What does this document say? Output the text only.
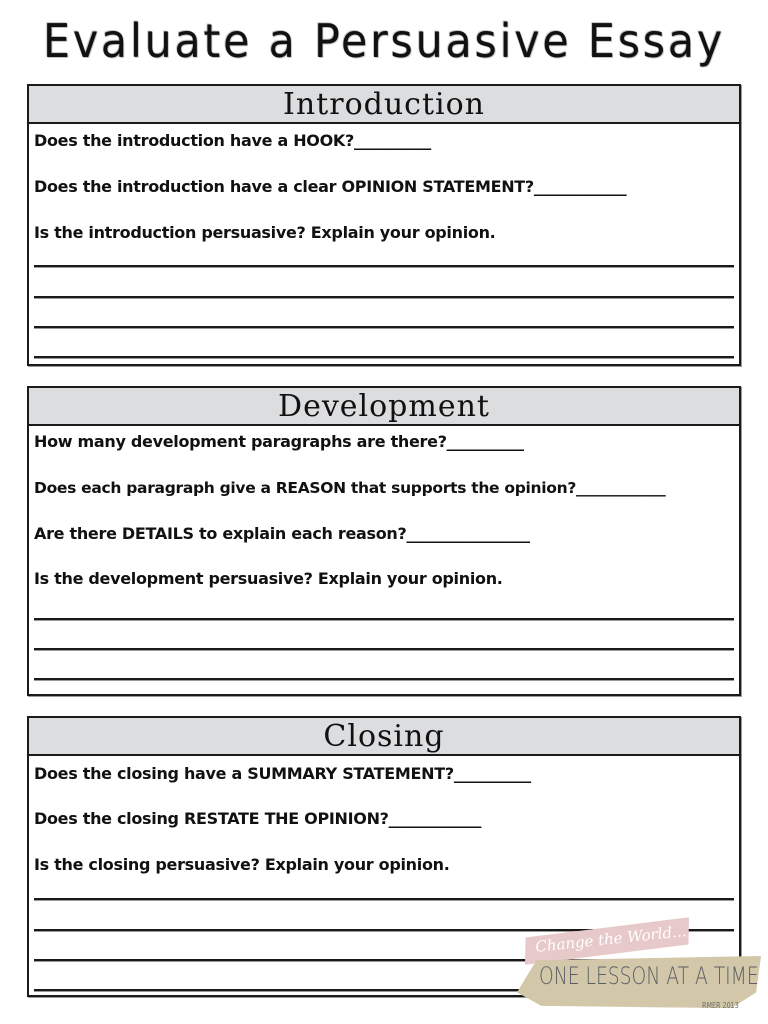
Evaluate a Persuasive Essay
Introduction
Does the introduction have a HOOK?__________
Does the introduction have a clear OPINION STATEMENT?____________
Is the introduction persuasive? Explain your opinion.
Development
How many development paragraphs are there?__________
Does each paragraph give a REASON that supports the opinion?____________
Are there DETAILS to explain each reason?________________
Is the development persuasive? Explain your opinion.
Closing
Does the closing have a SUMMARY STATEMENT?__________
Does the closing RESTATE THE OPINION?____________
Is the closing persuasive? Explain your opinion.
Change the World...
ONE LESSON AT A TIME
RMER 2013
